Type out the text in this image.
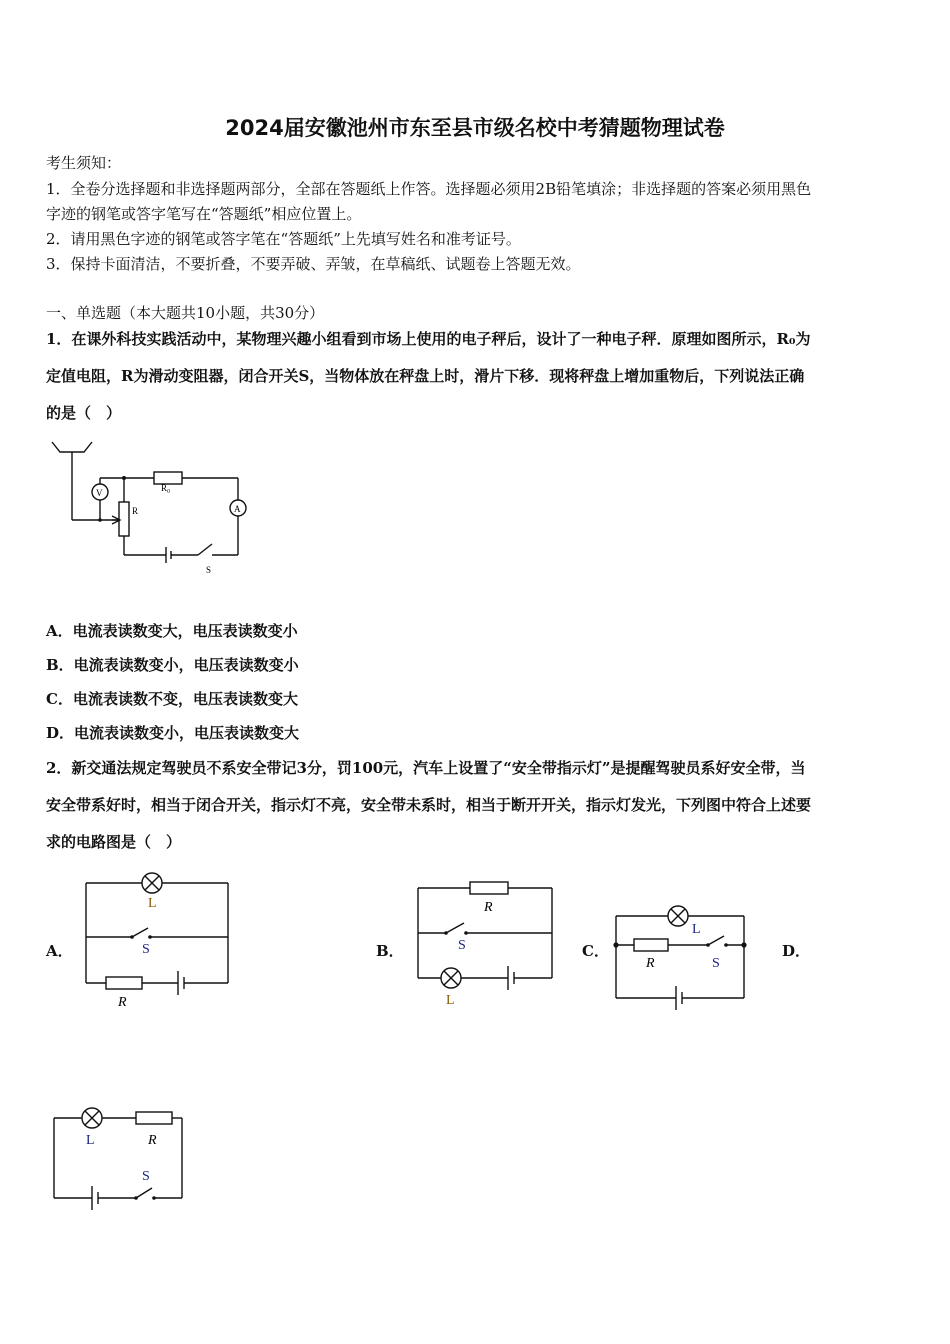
2024届安徽池州市东至县市级名校中考猜题物理试卷
考生须知：
1．全卷分选择题和非选择题两部分，全部在答题纸上作答。选择题必须用2B铅笔填涂；非选择题的答案必须用黑色
字迹的钢笔或答字笔写在“答题纸”相应位置上。
2．请用黑色字迹的钢笔或答字笔在“答题纸”上先填写姓名和准考证号。
3．保持卡面清洁，不要折叠，不要弄破、弄皱，在草稿纸、试题卷上答题无效。
一、单选题（本大题共10小题，共30分）
1．在课外科技实践活动中，某物理兴趣小组看到市场上使用的电子秤后，设计了一种电子秤．原理如图所示，R₀为
定值电阻，R为滑动变阻器，闭合开关S，当物体放在秤盘上时，滑片下移．现将秤盘上增加重物后，下列说法正确
的是（　）
V
A
R₀
R
S
A．电流表读数变大，电压表读数变小
B．电流表读数变小，电压表读数变小
C．电流表读数不变，电压表读数变大
D．电流表读数变小，电压表读数变大
2．新交通法规定驾驶员不系安全带记3分，罚100元，汽车上设置了“安全带指示灯”是提醒驾驶员系好安全带，当
安全带系好时，相当于闭合开关，指示灯不亮，安全带未系时，相当于断开开关，指示灯发光，下列图中符合上述要
求的电路图是（　）
A．	B．	C．	D．
L
S
R
R
S
L
L
R	S
L	R
S
